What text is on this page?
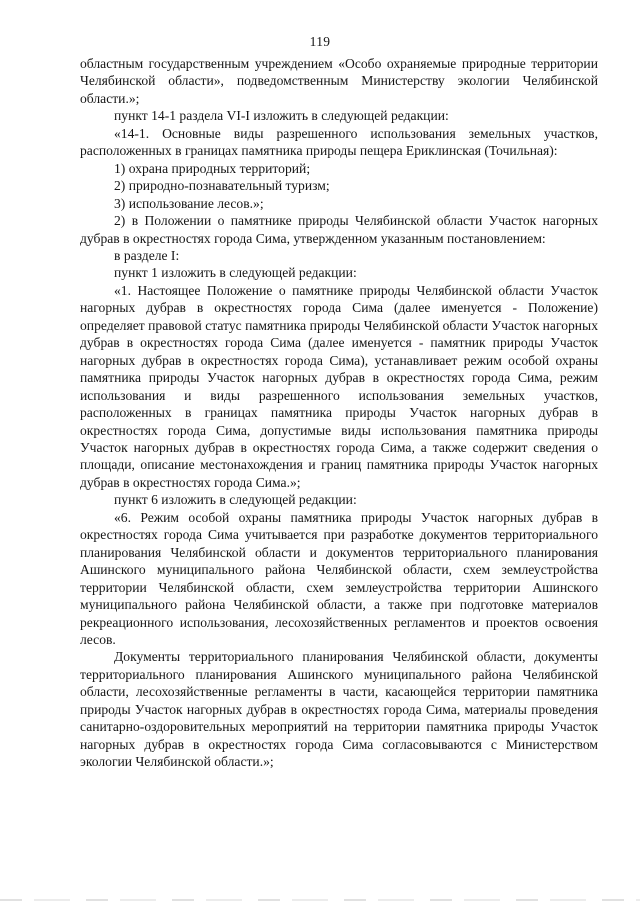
119

областным государственным учреждением «Особо охраняемые природные территории Челябинской области», подведомственным Министерству экологии Челябинской области.»;

пункт 14-1 раздела VI-I изложить в следующей редакции:

«14-1. Основные виды разрешенного использования земельных участков, расположенных в границах памятника природы пещера Ериклинская (Точильная):

1) охрана природных территорий;

2) природно-познавательный туризм;

3) использование лесов.»;

2) в Положении о памятнике природы Челябинской области Участок нагорных дубрав в окрестностях города Сима, утвержденном указанным постановлением:

в разделе I:

пункт 1 изложить в следующей редакции:

«1. Настоящее Положение о памятнике природы Челябинской области Участок нагорных дубрав в окрестностях города Сима (далее именуется - Положение) определяет правовой статус памятника природы Челябинской области Участок нагорных дубрав в окрестностях города Сима (далее именуется - памятник природы Участок нагорных дубрав в окрестностях города Сима), устанавливает режим особой охраны памятника природы Участок нагорных дубрав в окрестностях города Сима, режим использования и виды разрешенного использования земельных участков, расположенных в границах памятника природы Участок нагорных дубрав в окрестностях города Сима, допустимые виды использования памятника природы Участок нагорных дубрав в окрестностях города Сима, а также содержит сведения о площади, описание местонахождения и границ памятника природы Участок нагорных дубрав в окрестностях города Сима.»;

пункт 6 изложить в следующей редакции:

«6. Режим особой охраны памятника природы Участок нагорных дубрав в окрестностях города Сима учитывается при разработке документов территориального планирования Челябинской области и документов территориального планирования Ашинского муниципального района Челябинской области, схем землеустройства территории Челябинской области, схем землеустройства территории Ашинского муниципального района Челябинской области, а также при подготовке материалов рекреационного использования, лесохозяйственных регламентов и проектов освоения лесов.

Документы территориального планирования Челябинской области, документы территориального планирования Ашинского муниципального района Челябинской области, лесохозяйственные регламенты в части, касающейся территории памятника природы Участок нагорных дубрав в окрестностях города Сима, материалы проведения санитарно-оздоровительных мероприятий на территории памятника природы Участок нагорных дубрав в окрестностях города Сима согласовываются с Министерством экологии Челябинской области.»;
